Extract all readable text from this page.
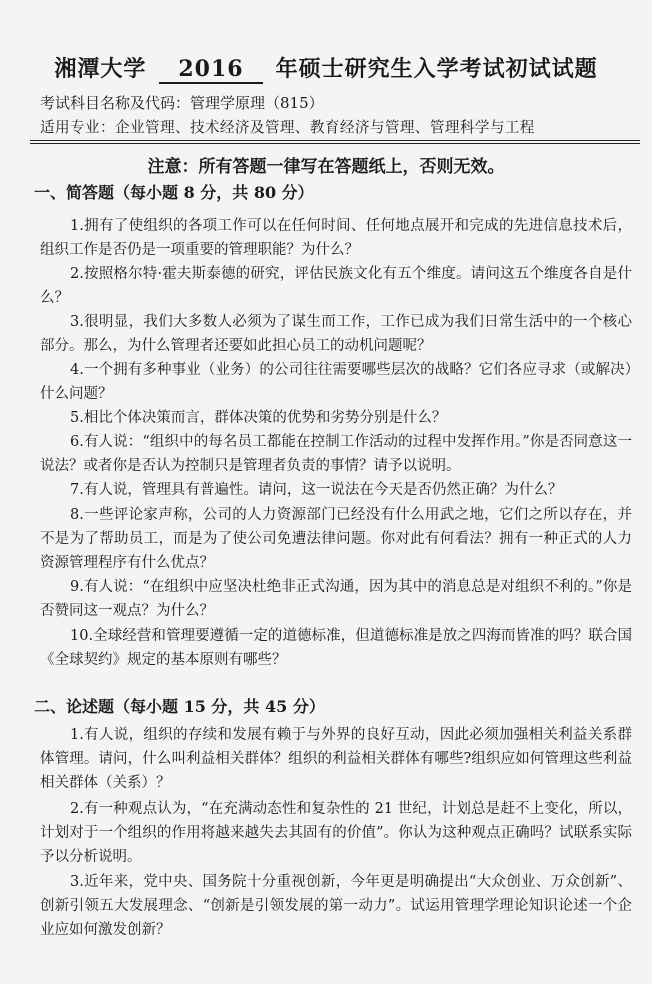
湘潭大学 2016 年硕士研究生入学考试初试试题
考试科目名称及代码：管理学原理（815）
适用专业：企业管理、技术经济及管理、教育经济与管理、管理科学与工程
注意：所有答题一律写在答题纸上，否则无效。
一、简答题（每小题 8 分，共 80 分）

1.拥有了使组织的各项工作可以在任何时间、任何地点展开和完成的先进信息技术后，组织工作是否仍是一项重要的管理职能？为什么？

2.按照格尔特·霍夫斯泰德的研究，评估民族文化有五个维度。请问这五个维度各自是什么？

3.很明显，我们大多数人必须为了谋生而工作，工作已成为我们日常生活中的一个核心部分。那么，为什么管理者还要如此担心员工的动机问题呢？

4.一个拥有多种事业（业务）的公司往往需要哪些层次的战略？它们各应寻求（或解决）什么问题？

5.相比个体决策而言，群体决策的优势和劣势分别是什么？

6.有人说：“组织中的每名员工都能在控制工作活动的过程中发挥作用。”你是否同意这一说法？或者你是否认为控制只是管理者负责的事情？请予以说明。

7.有人说，管理具有普遍性。请问，这一说法在今天是否仍然正确？为什么？

8.一些评论家声称，公司的人力资源部门已经没有什么用武之地，它们之所以存在，并不是为了帮助员工，而是为了使公司免遭法律问题。你对此有何看法？拥有一种正式的人力资源管理程序有什么优点？

9.有人说：“在组织中应坚决杜绝非正式沟通，因为其中的消息总是对组织不利的。”你是否赞同这一观点？为什么？

10.全球经营和管理要遵循一定的道德标准，但道德标准是放之四海而皆准的吗？联合国《全球契约》规定的基本原则有哪些？

二、论述题（每小题 15 分，共 45 分）

1.有人说，组织的存续和发展有赖于与外界的良好互动，因此必须加强相关利益关系群体管理。请问，什么叫利益相关群体？组织的利益相关群体有哪些?组织应如何管理这些利益相关群体（关系）？

2.有一种观点认为，“在充满动态性和复杂性的 21 世纪，计划总是赶不上变化，所以，计划对于一个组织的作用将越来越失去其固有的价值”。你认为这种观点正确吗？试联系实际予以分析说明。

3.近年来，党中央、国务院十分重视创新，今年更是明确提出“大众创业、万众创新”、创新引领五大发展理念、“创新是引领发展的第一动力”。试运用管理学理论知识论述一个企业应如何激发创新？
